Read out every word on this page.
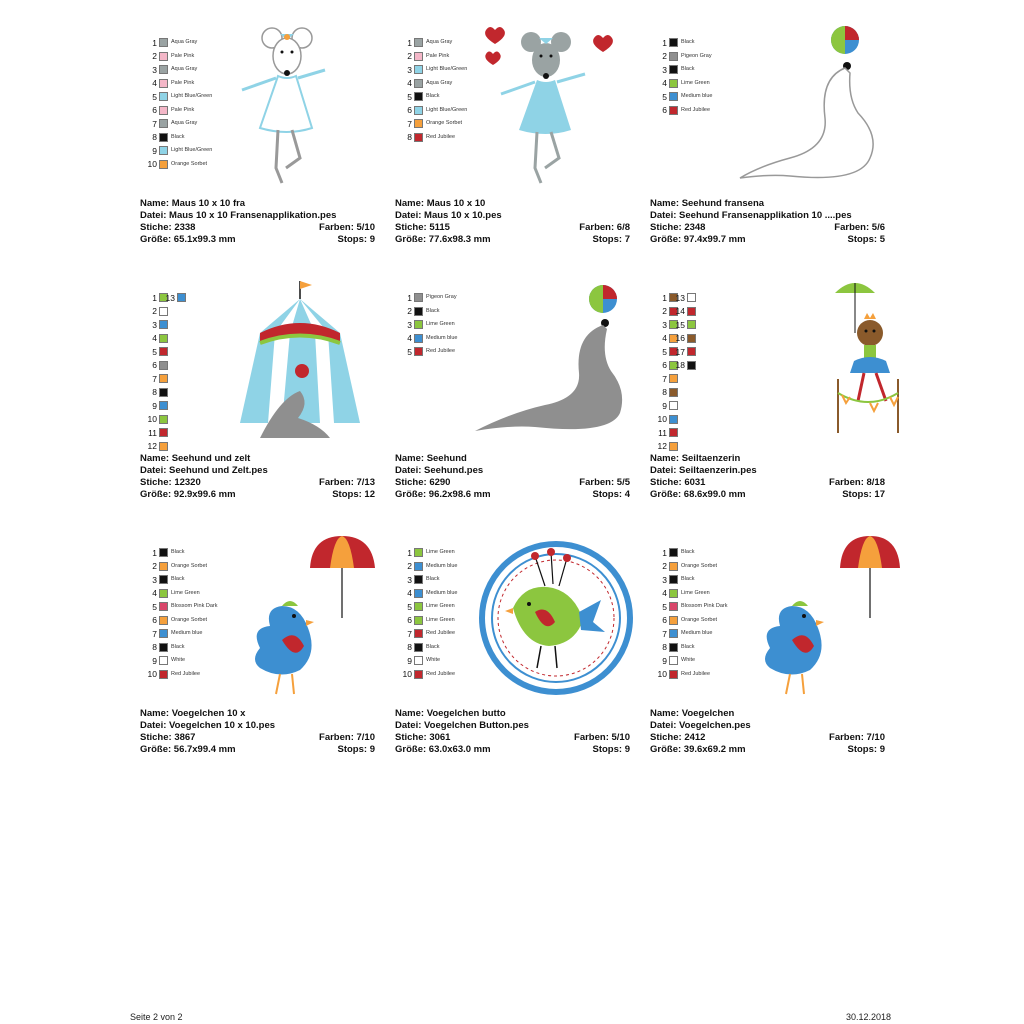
1	Aqua Gray
2	Pale Pink
3	Aqua Gray
4	Pale Pink
5	Light Blue/Green
6	Pale Pink
7	Aqua Gray
8	Black
9	Light Blue/Green
10	Orange Sorbet
Name: Maus 10 x 10 fra
Datei: Maus 10 x 10 Fransenapplikation.pes
Stiche: 2338	Farben: 5/10
Größe: 65.1x99.3 mm	Stops: 9
1	Aqua Gray
2	Pale Pink
3	Light Blue/Green
4	Aqua Gray
5	Black
6	Light Blue/Green
7	Orange Sorbet
8	Red Jubilee
Name: Maus 10 x 10
Datei: Maus 10 x 10.pes
Stiche: 5115	Farben: 6/8
Größe: 77.6x98.3 mm	Stops: 7
1	Black
2	Pigeon Gray
3	Black
4	Lime Green
5	Medium blue
6	Red Jubilee
Name: Seehund fransena
Datei: Seehund Fransenapplikation 10 ....pes
Stiche: 2348	Farben: 5/6
Größe: 97.4x99.7 mm	Stops: 5
1
2
3
4
5
6
7
8
9
10
11
12
13
Name: Seehund und zelt
Datei: Seehund und Zelt.pes
Stiche: 12320	Farben: 7/13
Größe: 92.9x99.6 mm	Stops: 12
1	Pigeon Gray
2	Black
3	Lime Green
4	Medium blue
5	Red Jubilee
Name: Seehund
Datei: Seehund.pes
Stiche: 6290	Farben: 5/5
Größe: 96.2x98.6 mm	Stops: 4
1
2
3
4
5
6
7
8
9
10
11
12
13
14
15
16
17
18
Name: Seiltaenzerin
Datei: Seiltaenzerin.pes
Stiche: 6031	Farben: 8/18
Größe: 68.6x99.0 mm	Stops: 17
1	Black
2	Orange Sorbet
3	Black
4	Lime Green
5	Blossom Pink Dark
6	Orange Sorbet
7	Medium blue
8	Black
9	White
10	Red Jubilee
Name: Voegelchen 10 x
Datei: Voegelchen 10 x 10.pes
Stiche: 3867	Farben: 7/10
Größe: 56.7x99.4 mm	Stops: 9
1	Lime Green
2	Medium blue
3	Black
4	Medium blue
5	Lime Green
6	Lime Green
7	Red Jubilee
8	Black
9	White
10	Red Jubilee
Name: Voegelchen butto
Datei: Voegelchen Button.pes
Stiche: 3061	Farben: 5/10
Größe: 63.0x63.0 mm	Stops: 9
1	Black
2	Orange Sorbet
3	Black
4	Lime Green
5	Blossom Pink Dark
6	Orange Sorbet
7	Medium blue
8	Black
9	White
10	Red Jubilee
Name: Voegelchen
Datei: Voegelchen.pes
Stiche: 2412	Farben: 7/10
Größe: 39.6x69.2 mm	Stops: 9
Seite 2 von 2	30.12.2018
